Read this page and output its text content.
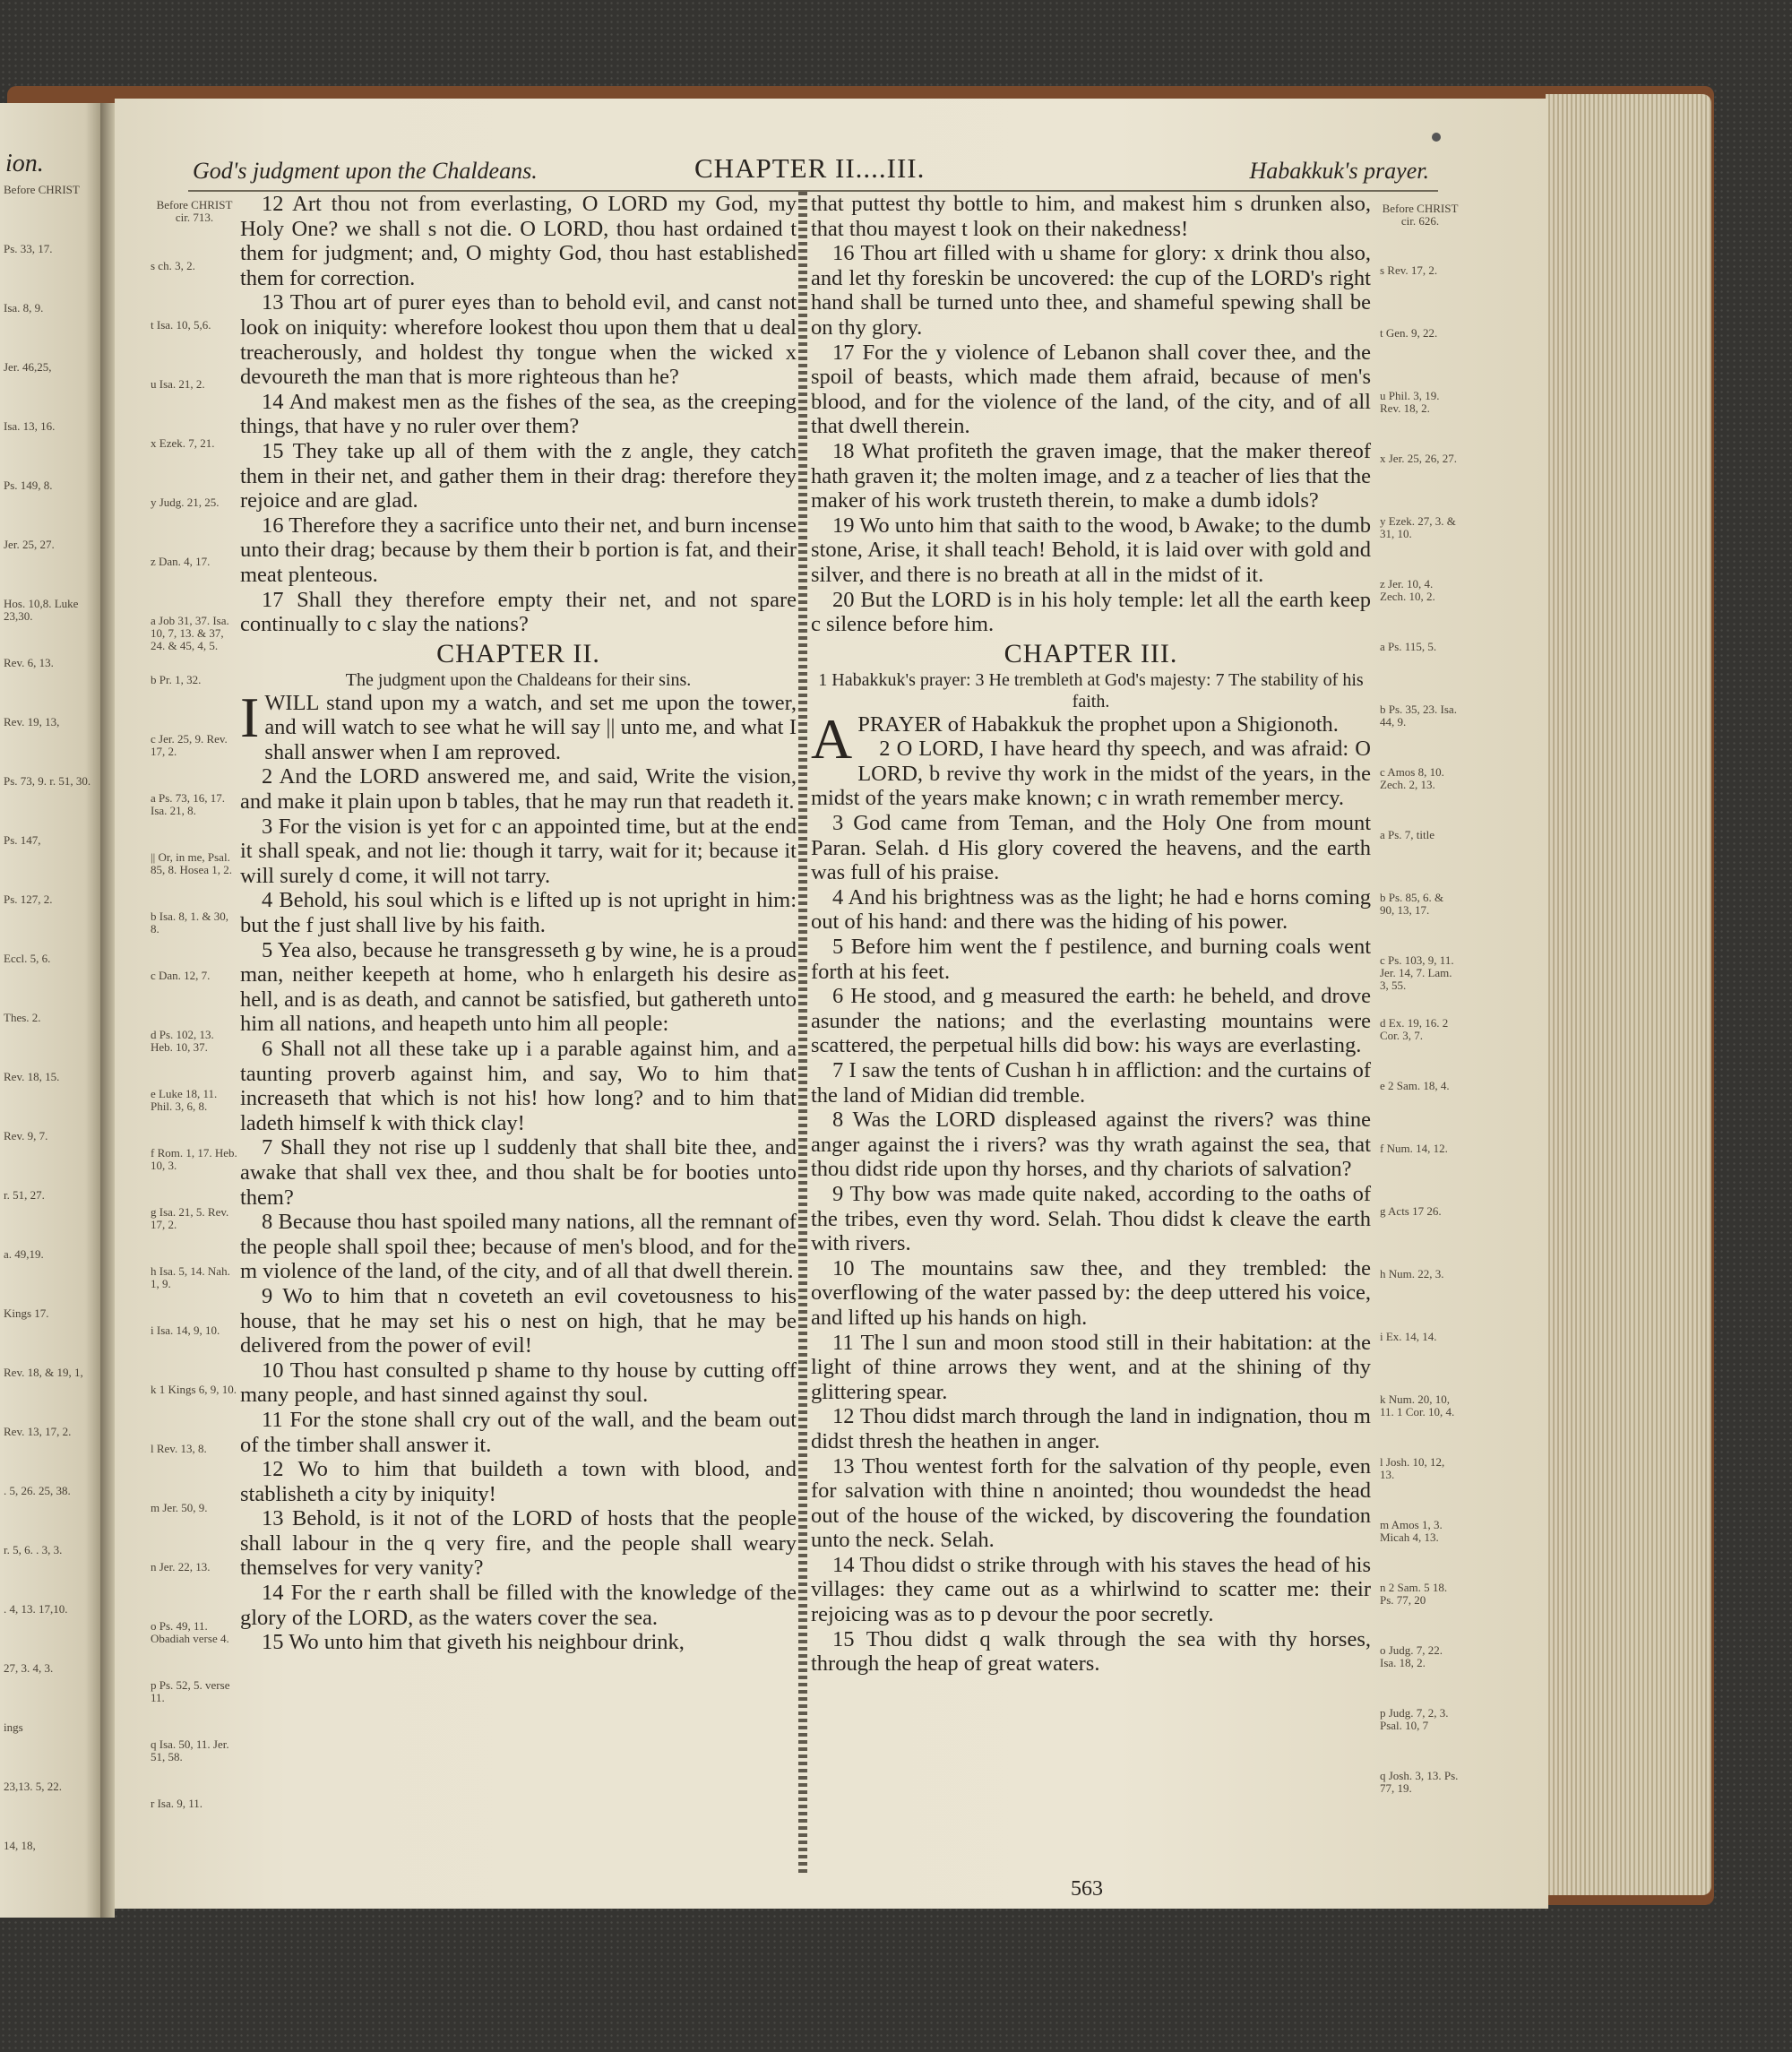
ion.
Before CHRIST
Ps. 33, 17.
Isa. 8, 9.
Jer. 46,25,
Isa. 13, 16.
Ps. 149, 8.
Jer. 25, 27.
Hos. 10,8. Luke 23,30.
Rev. 6, 13.
Rev. 19, 13,
Ps. 73, 9. r. 51, 30.
Ps. 147,
Ps. 127, 2.
Eccl. 5, 6.
Thes. 2.
Rev. 18, 15.
Rev. 9, 7.
r. 51, 27.
a. 49,19.
Kings 17.
Rev. 18, & 19, 1,
Rev. 13, 17, 2.
. 5, 26. 25, 38.
r. 5, 6. . 3, 3.
. 4, 13. 17,10.
27, 3. 4, 3.
ings
23,13. 5, 22.
14, 18,
God's judgment upon the Chaldeans.	CHAPTER II....III.	Habakkuk's prayer.
Before CHRIST cir. 713.
s ch. 3, 2.
t Isa. 10, 5,6.
u Isa. 21, 2.
x Ezek. 7, 21.
y Judg. 21, 25.
z Dan. 4, 17.
a Job 31, 37. Isa. 10, 7, 13. & 37, 24. & 45, 4, 5.
b Pr. 1, 32.
c Jer. 25, 9. Rev. 17, 2.
a Ps. 73, 16, 17. Isa. 21, 8.
|| Or, in me, Psal. 85, 8. Hosea 1, 2.
b Isa. 8, 1. & 30, 8.
c Dan. 12, 7.
d Ps. 102, 13. Heb. 10, 37.
e Luke 18, 11. Phil. 3, 6, 8.
f Rom. 1, 17. Heb. 10, 3.
g Isa. 21, 5. Rev. 17, 2.
h Isa. 5, 14. Nah. 1, 9.
i Isa. 14, 9, 10.
k 1 Kings 6, 9, 10.
l Rev. 13, 8.
m Jer. 50, 9.
n Jer. 22, 13.
o Ps. 49, 11. Obadiah verse 4.
p Ps. 52, 5. verse 11.
q Isa. 50, 11. Jer. 51, 58.
r Isa. 9, 11.
Before CHRIST cir. 626.
s Rev. 17, 2.
t Gen. 9, 22.
u Phil. 3, 19. Rev. 18, 2.
x Jer. 25, 26, 27.
y Ezek. 27, 3. & 31, 10.
z Jer. 10, 4. Zech. 10, 2.
a Ps. 115, 5.
b Ps. 35, 23. Isa. 44, 9.
c Amos 8, 10. Zech. 2, 13.
a Ps. 7, title
b Ps. 85, 6. & 90, 13, 17.
c Ps. 103, 9, 11. Jer. 14, 7. Lam. 3, 55.
d Ex. 19, 16. 2 Cor. 3, 7.
e 2 Sam. 18, 4.
f Num. 14, 12.
g Acts 17 26.
h Num. 22, 3.
i Ex. 14, 14.
k Num. 20, 10, 11. 1 Cor. 10, 4.
l Josh. 10, 12, 13.
m Amos 1, 3. Micah 4, 13.
n 2 Sam. 5 18. Ps. 77, 20
o Judg. 7, 22. Isa. 18, 2.
p Judg. 7, 2, 3. Psal. 10, 7
q Josh. 3, 13. Ps. 77, 19.

12 Art thou not from everlasting, O LORD my God, my Holy One? we shall s not die. O LORD, thou hast ordained t them for judgment; and, O mighty God, thou hast established them for correction.

13 Thou art of purer eyes than to behold evil, and canst not look on iniquity: wherefore lookest thou upon them that u deal treacherously, and holdest thy tongue when the wicked x devoureth the man that is more righteous than he?

14 And makest men as the fishes of the sea, as the creeping things, that have y no ruler over them?

15 They take up all of them with the z angle, they catch them in their net, and gather them in their drag: therefore they rejoice and are glad.

16 Therefore they a sacrifice unto their net, and burn incense unto their drag; because by them their b portion is fat, and their meat plenteous.

17 Shall they therefore empty their net, and not spare continually to c slay the nations?

CHAPTER II.
The judgment upon the Chaldeans for their sins.

IWILL stand upon my a watch, and set me upon the tower, and will watch to see what he will say || unto me, and what I shall answer when I am reproved.

2 And the LORD answered me, and said, Write the vision, and make it plain upon b tables, that he may run that readeth it.

3 For the vision is yet for c an appointed time, but at the end it shall speak, and not lie: though it tarry, wait for it; because it will surely d come, it will not tarry.

4 Behold, his soul which is e lifted up is not upright in him: but the f just shall live by his faith.

5 Yea also, because he transgresseth g by wine, he is a proud man, neither keepeth at home, who h enlargeth his desire as hell, and is as death, and cannot be satisfied, but gathereth unto him all nations, and heapeth unto him all people:

6 Shall not all these take up i a parable against him, and a taunting proverb against him, and say, Wo to him that increaseth that which is not his! how long? and to him that ladeth himself k with thick clay!

7 Shall they not rise up l suddenly that shall bite thee, and awake that shall vex thee, and thou shalt be for booties unto them?

8 Because thou hast spoiled many nations, all the remnant of the people shall spoil thee; because of men's blood, and for the m violence of the land, of the city, and of all that dwell therein.

9 Wo to him that n coveteth an evil covetousness to his house, that he may set his o nest on high, that he may be delivered from the power of evil!

10 Thou hast consulted p shame to thy house by cutting off many people, and hast sinned against thy soul.

11 For the stone shall cry out of the wall, and the beam out of the timber shall answer it.

12 Wo to him that buildeth a town with blood, and stablisheth a city by iniquity!

13 Behold, is it not of the LORD of hosts that the people shall labour in the q very fire, and the people shall weary themselves for very vanity?

14 For the r earth shall be filled with the knowledge of the glory of the LORD, as the waters cover the sea.

15 Wo unto him that giveth his neighbour drink,

that puttest thy bottle to him, and makest him s drunken also, that thou mayest t look on their nakedness!

16 Thou art filled with u shame for glory: x drink thou also, and let thy foreskin be uncovered: the cup of the LORD's right hand shall be turned unto thee, and shameful spewing shall be on thy glory.

17 For the y violence of Lebanon shall cover thee, and the spoil of beasts, which made them afraid, because of men's blood, and for the violence of the land, of the city, and of all that dwell therein.

18 What profiteth the graven image, that the maker thereof hath graven it; the molten image, and z a teacher of lies that the maker of his work trusteth therein, to make a dumb idols?

19 Wo unto him that saith to the wood, b Awake; to the dumb stone, Arise, it shall teach! Behold, it is laid over with gold and silver, and there is no breath at all in the midst of it.

20 But the LORD is in his holy temple: let all the earth keep c silence before him.

CHAPTER III.
1 Habakkuk's prayer: 3 He trembleth at God's majesty: 7 The stability of his faith.

APRAYER of Habakkuk the prophet upon a Shigionoth.

2 O LORD, I have heard thy speech, and was afraid: O LORD, b revive thy work in the midst of the years, in the midst of the years make known; c in wrath remember mercy.

3 God came from Teman, and the Holy One from mount Paran. Selah. d His glory covered the heavens, and the earth was full of his praise.

4 And his brightness was as the light; he had e horns coming out of his hand: and there was the hiding of his power.

5 Before him went the f pestilence, and burning coals went forth at his feet.

6 He stood, and g measured the earth: he beheld, and drove asunder the nations; and the everlasting mountains were scattered, the perpetual hills did bow: his ways are everlasting.

7 I saw the tents of Cushan h in affliction: and the curtains of the land of Midian did tremble.

8 Was the LORD displeased against the rivers? was thine anger against the i rivers? was thy wrath against the sea, that thou didst ride upon thy horses, and thy chariots of salvation?

9 Thy bow was made quite naked, according to the oaths of the tribes, even thy word. Selah. Thou didst k cleave the earth with rivers.

10 The mountains saw thee, and they trembled: the overflowing of the water passed by: the deep uttered his voice, and lifted up his hands on high.

11 The l sun and moon stood still in their habitation: at the light of thine arrows they went, and at the shining of thy glittering spear.

12 Thou didst march through the land in indignation, thou m didst thresh the heathen in anger.

13 Thou wentest forth for the salvation of thy people, even for salvation with thine n anointed; thou woundedst the head out of the house of the wicked, by discovering the foundation unto the neck. Selah.

14 Thou didst o strike through with his staves the head of his villages: they came out as a whirlwind to scatter me: their rejoicing was as to p devour the poor secretly.

15 Thou didst q walk through the sea with thy horses, through the heap of great waters.

563
